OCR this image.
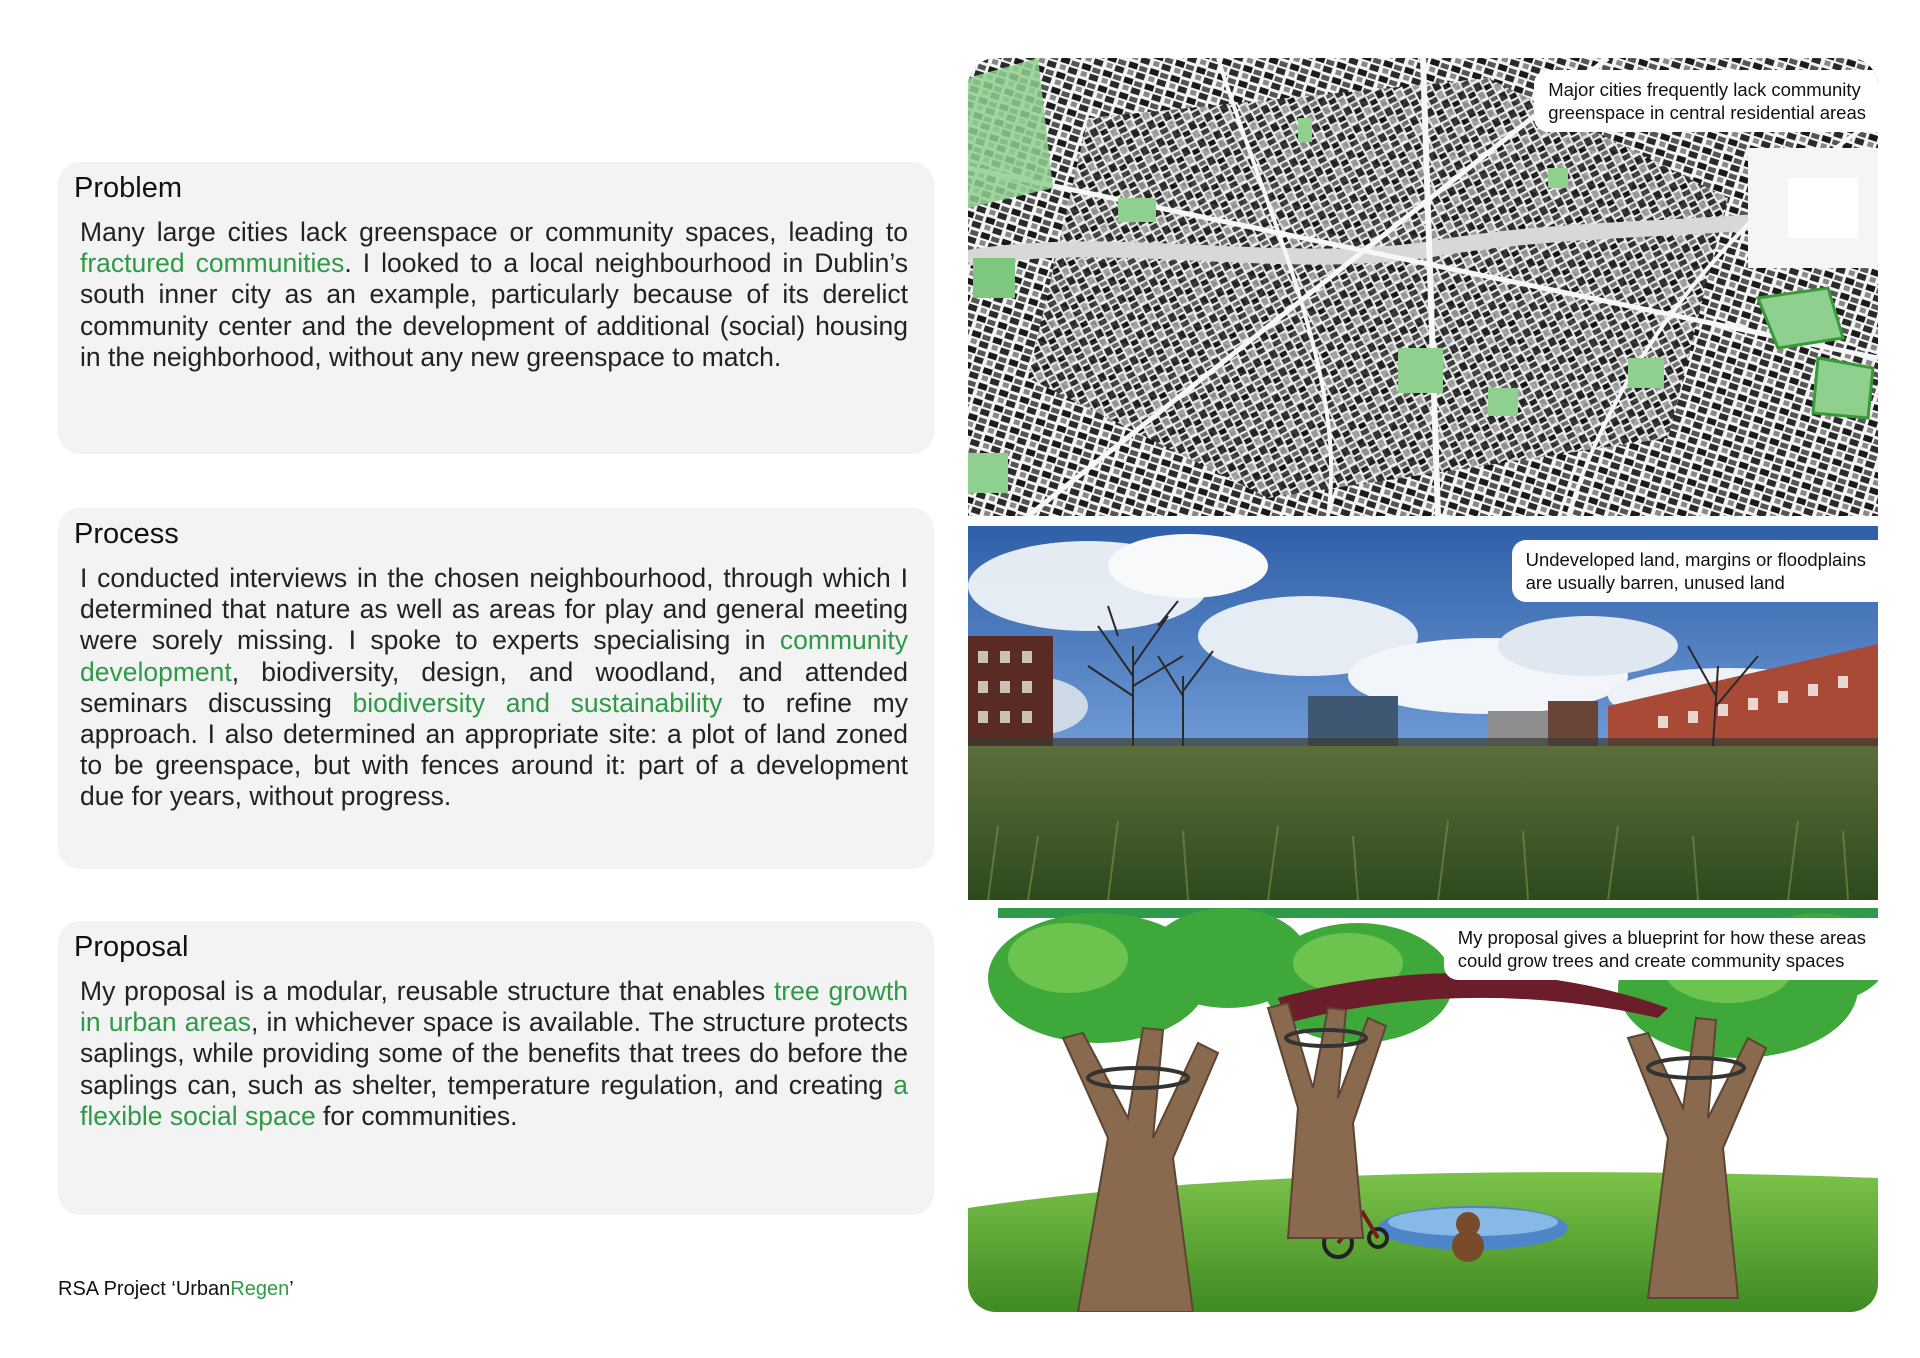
Problem

Many large cities lack greenspace or community spaces, leading to fractured communities. I looked to a local neighbourhood in Dublin’s south inner city as an example, particularly because of its derelict community center and the development of additional (social) housing in the neighborhood, without any new greenspace to match.

Process

I conducted interviews in the chosen neighbourhood, through which I determined that nature as well as areas for play and general meeting were sorely missing. I spoke to experts specialising in community development, biodiversity, design, and woodland, and attended seminars discussing biodiversity and sustainability to refine my approach. I also determined an appropriate site: a plot of land zoned to be greenspace, but with fences around it: part of a development due for years, without progress.

Proposal

My proposal is a modular, reusable structure that enables tree growth in urban areas, in whichever space is available. The structure protects saplings, while providing some of the benefits that trees do before the saplings can, such as shelter, temperature regulation, and creating a flexible social space for communities.

RSA Project ‘UrbanRegen’
Major cities frequently lack community
greenspace in central residential areas
Undeveloped land, margins or floodplains
are usually barren, unused land
My proposal gives a blueprint for how these areas
could grow trees and create community spaces
